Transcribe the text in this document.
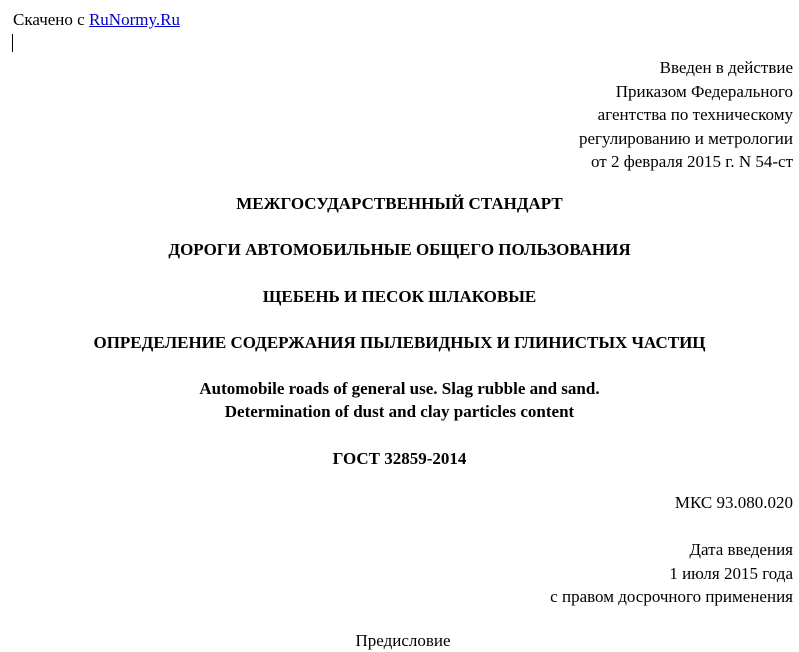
Скачено с RuNormy.Ru
Введен в действие
Приказом Федерального
агентства по техническому
регулированию и метрологии
от 2 февраля 2015 г. N 54-ст
МЕЖГОСУДАРСТВЕННЫЙ СТАНДАРТ
ДОРОГИ АВТОМОБИЛЬНЫЕ ОБЩЕГО ПОЛЬЗОВАНИЯ
ЩЕБЕНЬ И ПЕСОК ШЛАКОВЫЕ
ОПРЕДЕЛЕНИЕ СОДЕРЖАНИЯ ПЫЛЕВИДНЫХ И ГЛИНИСТЫХ ЧАСТИЦ
Automobile roads of general use. Slag rubble and sand.
Determination of dust and clay particles content
ГОСТ 32859-2014
МКС 93.080.020
Дата введения
1 июля 2015 года
с правом досрочного применения
Предисловие
